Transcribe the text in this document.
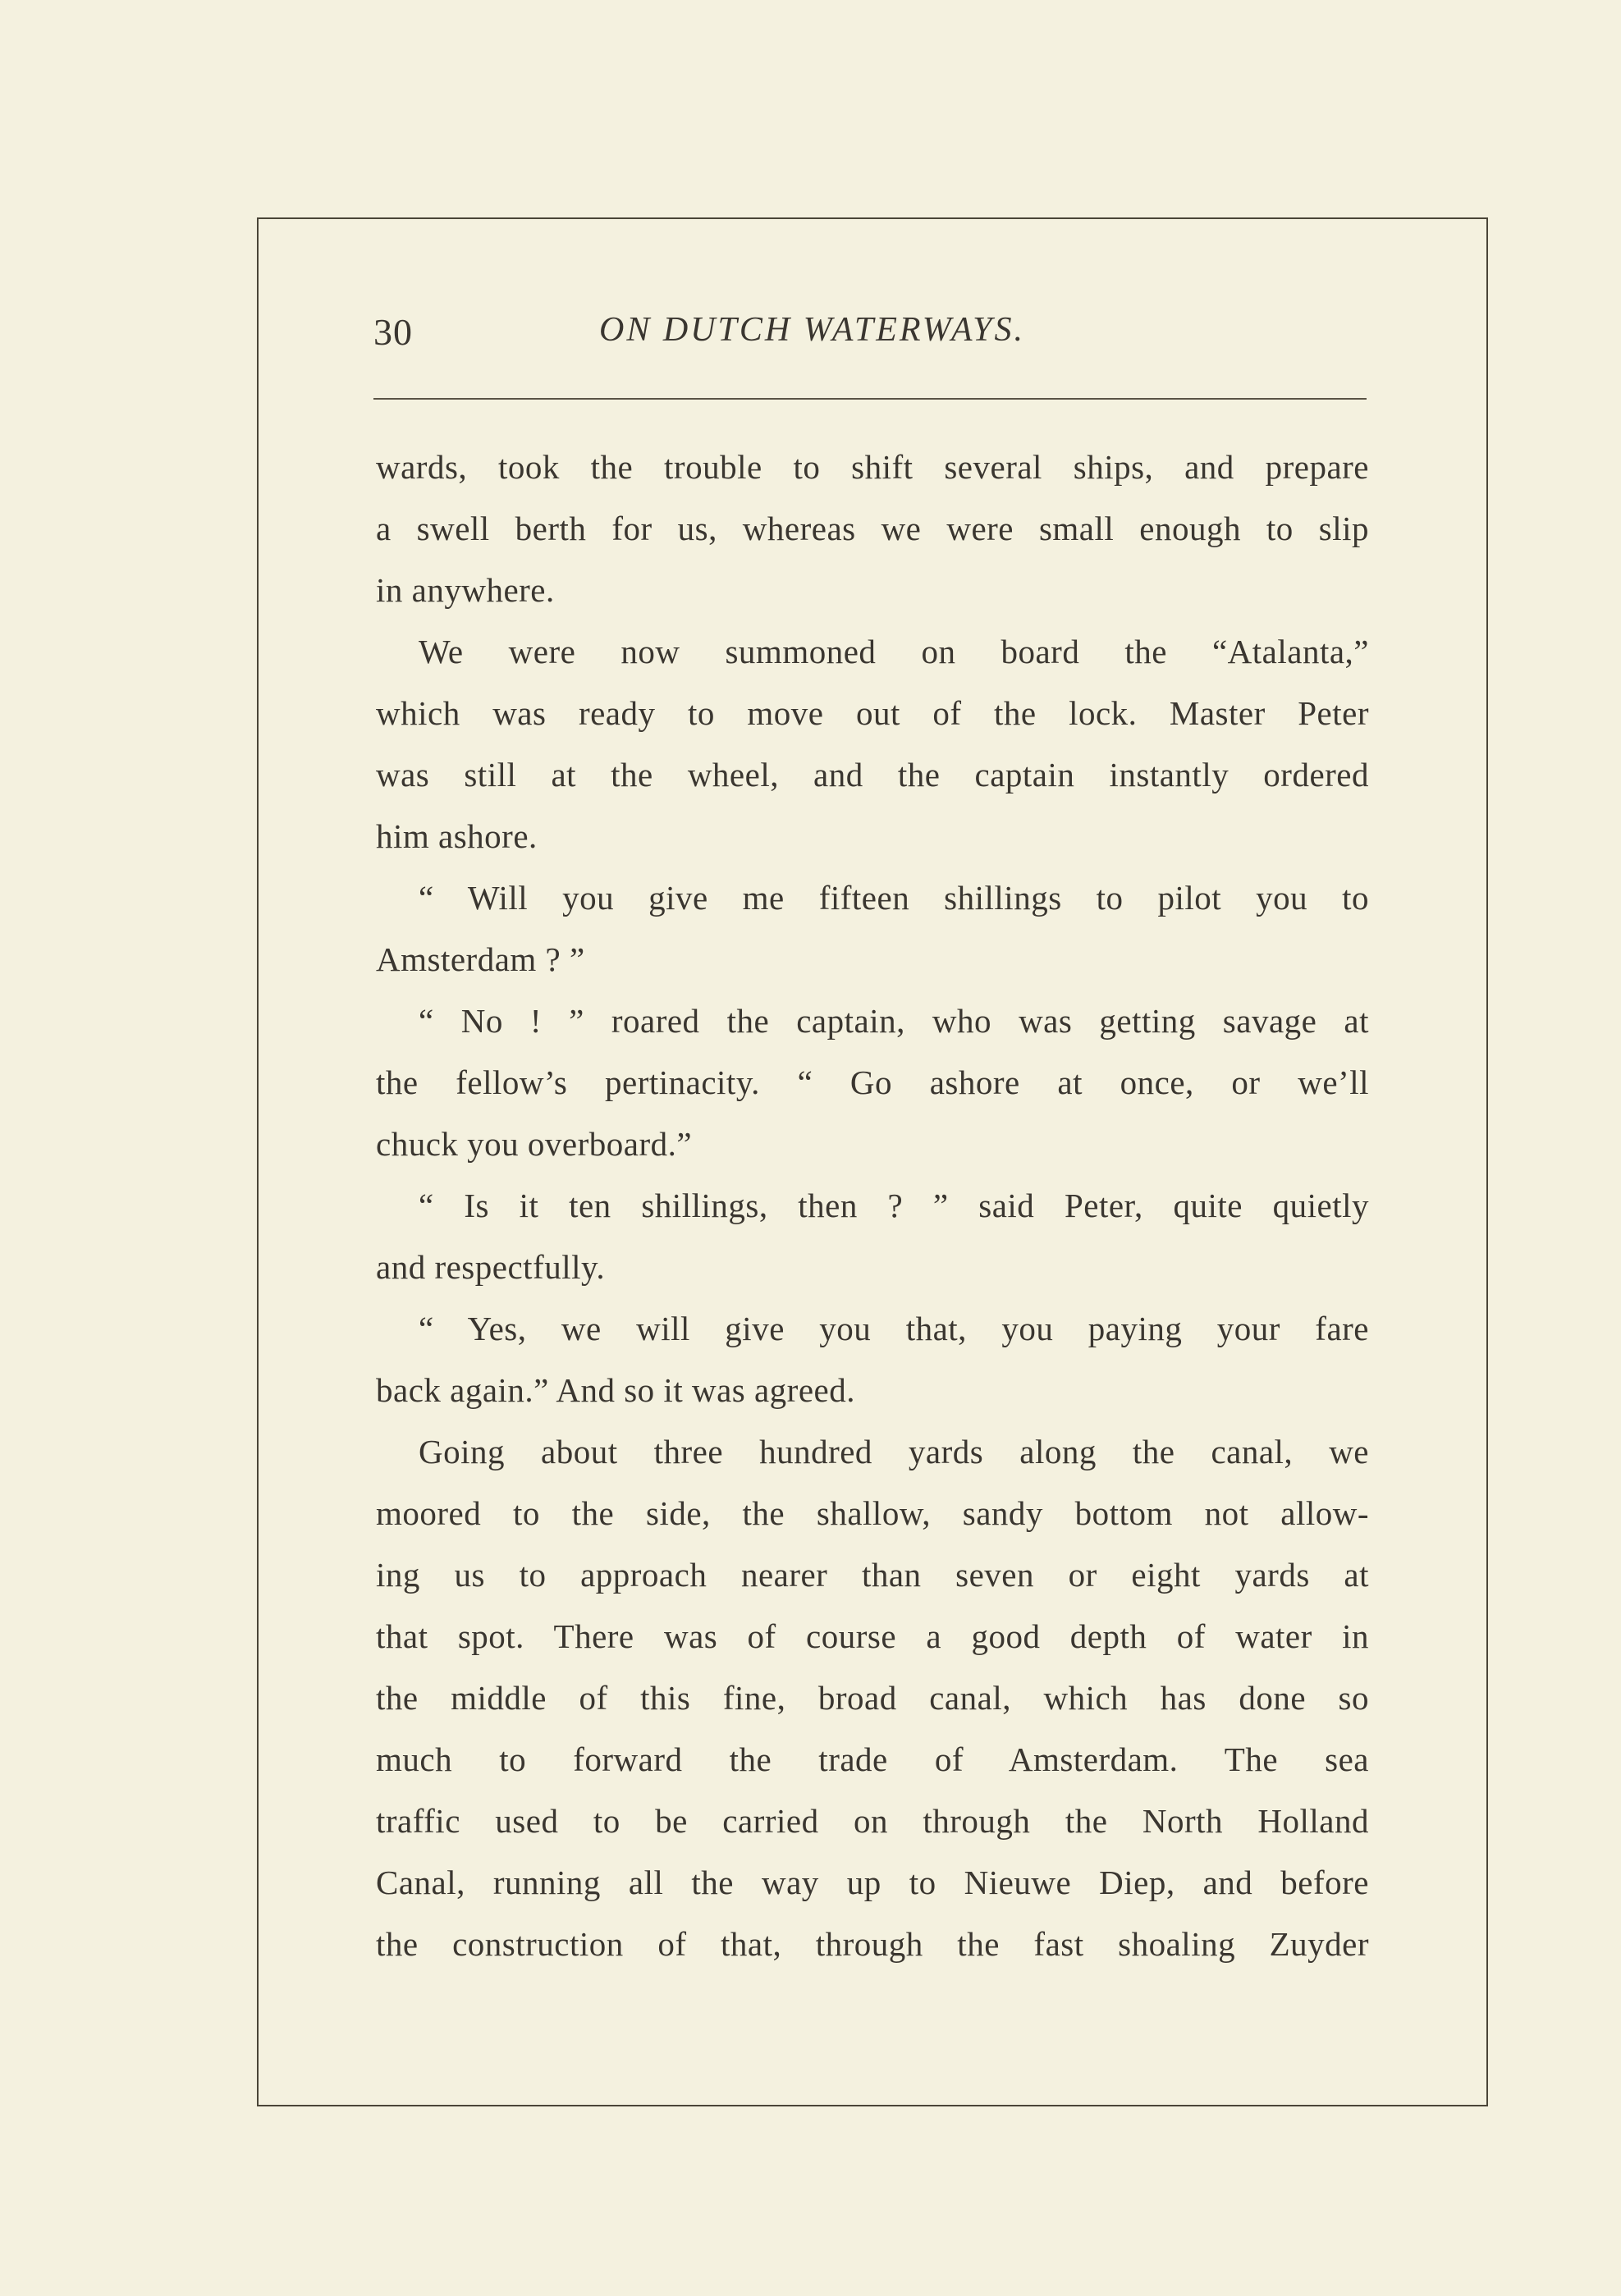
30	ON DUTCH WATERWAYS.
wards, took the trouble to shift several ships, and prepare
a swell berth for us, whereas we were small enough to slip
in anywhere.
We were now summoned on board the “Atalanta,”
which was ready to move out of the lock. Master Peter
was still at the wheel, and the captain instantly ordered
him ashore.
“ Will you give me fifteen shillings to pilot you to
Amsterdam ? ”
“ No ! ” roared the captain, who was getting savage at
the fellow’s pertinacity. “ Go ashore at once, or we’ll
chuck you overboard.”
“ Is it ten shillings, then ? ” said Peter, quite quietly
and respectfully.
“ Yes, we will give you that, you paying your fare
back again.” And so it was agreed.
Going about three hundred yards along the canal, we
moored to the side, the shallow, sandy bottom not allow-
ing us to approach nearer than seven or eight yards at
that spot. There was of course a good depth of water in
the middle of this fine, broad canal, which has done so
much to forward the trade of Amsterdam. The sea
traffic used to be carried on through the North Holland
Canal, running all the way up to Nieuwe Diep, and before
the construction of that, through the fast shoaling Zuyder
